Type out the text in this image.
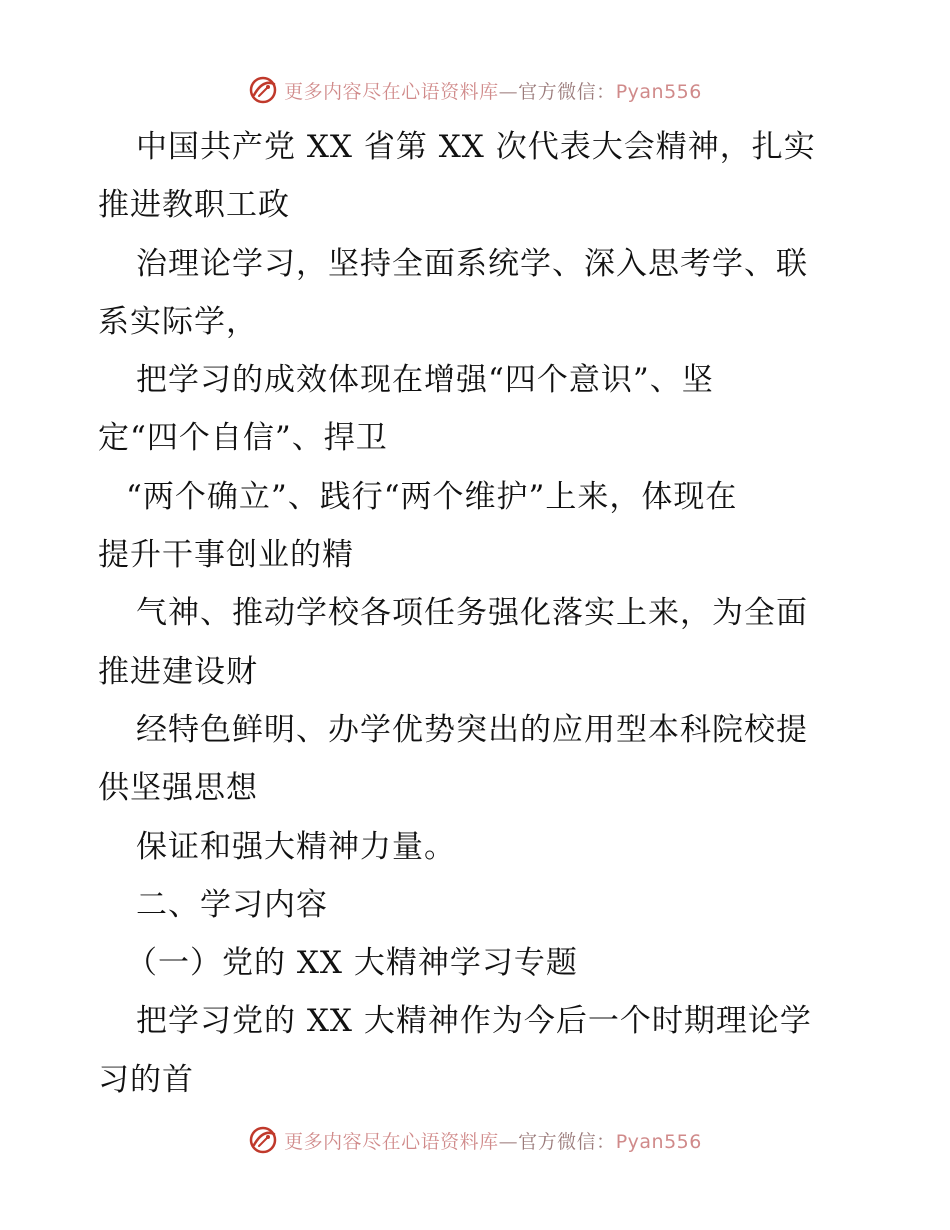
更多内容尽在心语资料库—官方微信：Pyan556
中国共产党 XX 省第 XX 次代表大会精神，扎实
推进教职工政
治理论学习，坚持全面系统学、深入思考学、联
系实际学，
把学习的成效体现在增强“四个意识”、坚
定“四个自信”、捍卫
“两个确立”、践行“两个维护”上来，体现在
提升干事创业的精
气神、推动学校各项任务强化落实上来，为全面
推进建设财
经特色鲜明、办学优势突出的应用型本科院校提
供坚强思想
保证和强大精神力量。
二、学习内容
（一）党的 XX 大精神学习专题
把学习党的 XX 大精神作为今后一个时期理论学
习的首
更多内容尽在心语资料库—官方微信：Pyan556
